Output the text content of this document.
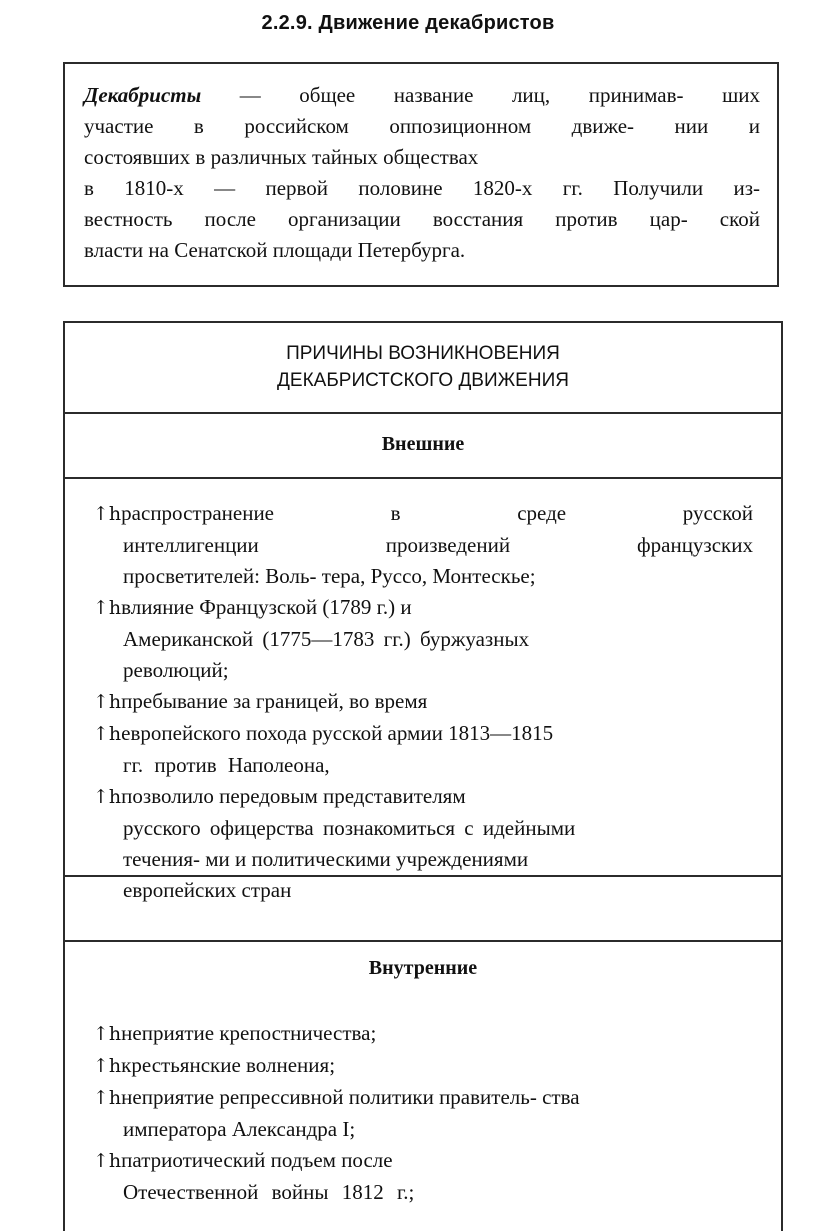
2.2.9. Движение декабристов
Декабристы — общее название лиц, принимав- ших
участие в российском оппозиционном движе- нии и
состоявших в различных тайных обществах
в 1810-х — первой половине 1820-х гг. Получили из-
вестность после организации восстания против цар- ской
власти на Сенатской площади Петербурга.
ПРИЧИНЫ ВОЗНИКНОВЕНИЯ
ДЕКАБРИСТСКОГО ДВИЖЕНИЯ
Внешние
↑hраспространение в среде русской
интеллигенции произведений французских
просветителей: Воль- тера, Руссо, Монтескье;
↑hвлияние Французской (1789 г.) и
Американской (1775—1783 гг.) буржуазных
революций;
↑hпребывание за границей, во время
↑hевропейского похода русской армии 1813—1815
гг. против Наполеона,
↑hпозволило передовым представителям
русского офицерства познакомиться с идейными
течения- ми и политическими учреждениями
европейских стран
Внутренние
↑hнеприятие крепостничества;
↑hкрестьянские волнения;
↑hнеприятие репрессивной политики правитель- ства
императора Александра I;
↑hпатриотический подъем после
Отечественной войны 1812 г.;
